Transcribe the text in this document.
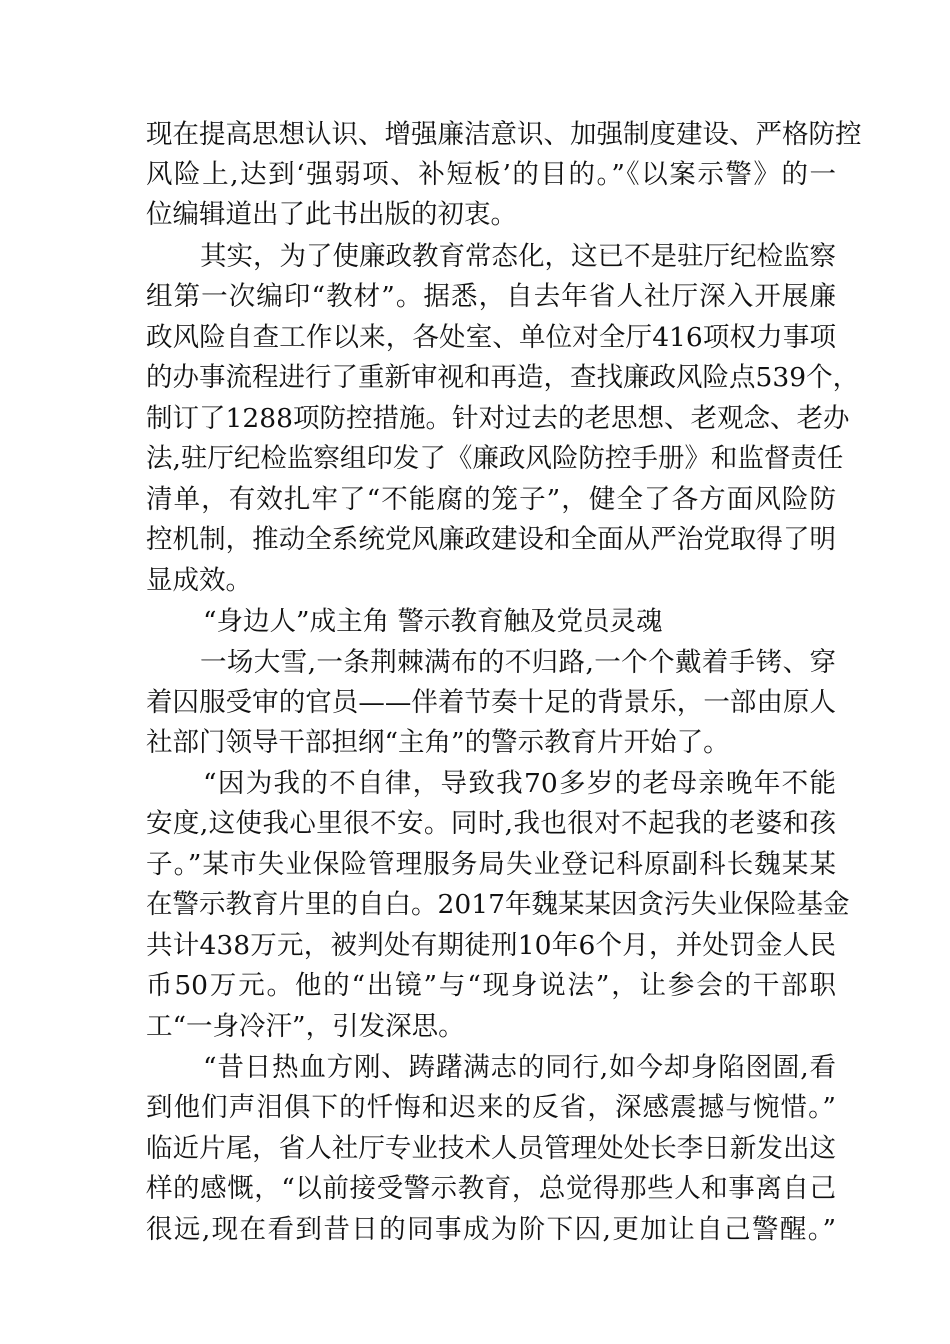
现在提高思想认识、增强廉洁意识、加强制度建设、严格防控
风险上,达到‘强弱项、补短板’的目的。”《以案示警》的一
位编辑道出了此书出版的初衷。
其实，为了使廉政教育常态化，这已不是驻厅纪检监察
组第一次编印“教材”。据悉，自去年省人社厅深入开展廉
政风险自查工作以来，各处室、单位对全厅416项权力事项
的办事流程进行了重新审视和再造，查找廉政风险点539个，
制订了1288项防控措施。针对过去的老思想、老观念、老办
法,驻厅纪检监察组印发了《廉政风险防控手册》和监督责任
清单，有效扎牢了“不能腐的笼子”，健全了各方面风险防
控机制，推动全系统党风廉政建设和全面从严治党取得了明
显成效。
“身边人”成主角 警示教育触及党员灵魂
一场大雪,一条荆棘满布的不归路,一个个戴着手铐、穿
着囚服受审的官员——伴着节奏十足的背景乐，一部由原人
社部门领导干部担纲“主角”的警示教育片开始了。
“因为我的不自律，导致我70多岁的老母亲晚年不能
安度,这使我心里很不安。同时,我也很对不起我的老婆和孩
子。”某市失业保险管理服务局失业登记科原副科长魏某某
在警示教育片里的自白。2017年魏某某因贪污失业保险基金
共计438万元，被判处有期徒刑10年6个月，并处罚金人民
币50万元。他的“出镜”与“现身说法”，让参会的干部职
工“一身冷汗”，引发深思。
“昔日热血方刚、踌躇满志的同行,如今却身陷囹圄,看
到他们声泪俱下的忏悔和迟来的反省，深感震撼与惋惜。”
临近片尾，省人社厅专业技术人员管理处处长李日新发出这
样的感慨，“以前接受警示教育，总觉得那些人和事离自己
很远,现在看到昔日的同事成为阶下囚,更加让自己警醒。”
